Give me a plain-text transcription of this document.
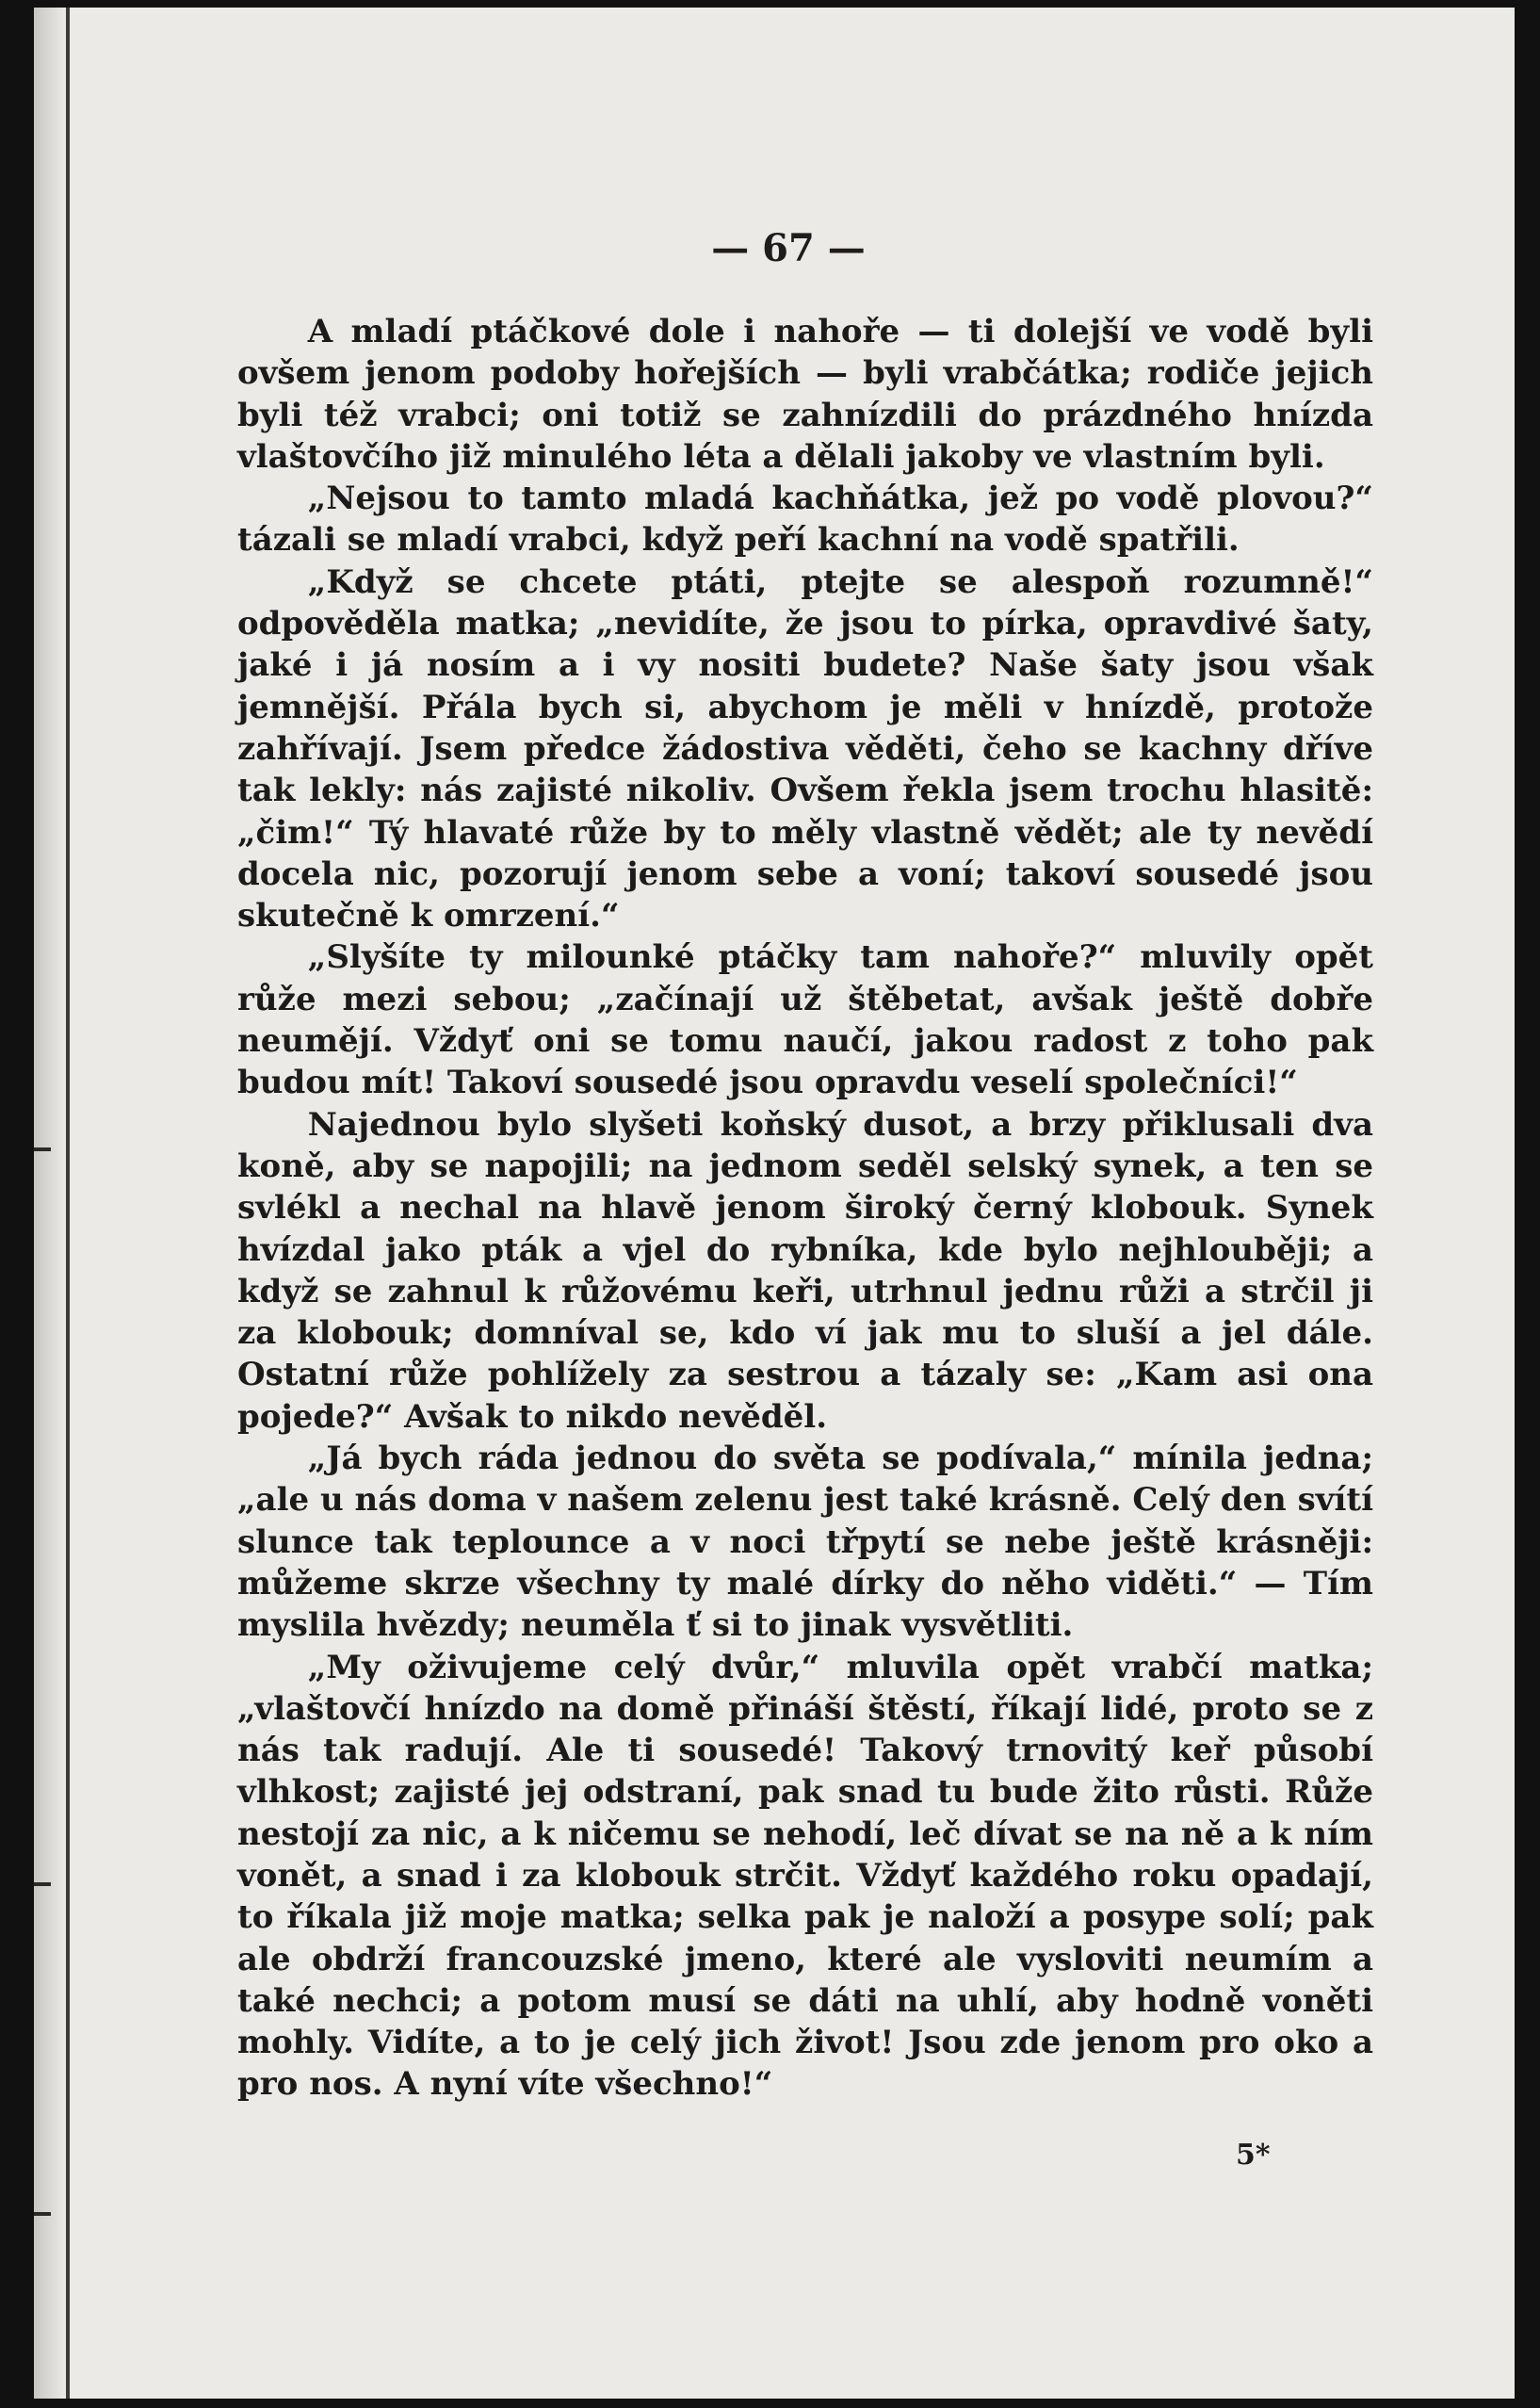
— 67 —

A mladí ptáčkové dole i nahoře — ti dolejší ve vodě byli ovšem jenom podoby hořejších — byli vrabčátka; rodiče jejich byli též vrabci; oni totiž se zahnízdili do prázdného hnízda vlaštovčího již minulého léta a dělali jakoby ve vlastním byli.

„Nejsou to tamto mladá kachňátka, jež po vodě plovou?“ tázali se mladí vrabci, když peří kachní na vodě spatřili.

„Když se chcete ptáti, ptejte se alespoň rozumně!“ odpověděla matka; „nevidíte, že jsou to pírka, opravdivé šaty, jaké i já nosím a i vy nositi budete? Naše šaty jsou však jemnější. Přála bych si, abychom je měli v hnízdě, protože zahřívají. Jsem předce žádostiva věděti, čeho se kachny dříve tak lekly: nás zajisté nikoliv. Ovšem řekla jsem trochu hlasitě: „čim!“ Tý hlavaté růže by to měly vlastně vědět; ale ty nevědí docela nic, pozorují jenom sebe a voní; takoví sousedé jsou skutečně k omrzení.“

„Slyšíte ty milounké ptáčky tam nahoře?“ mluvily opět růže mezi sebou; „začínají už štěbetat, avšak ještě dobře neumějí. Vždyť oni se tomu naučí, jakou radost z toho pak budou mít! Takoví sousedé jsou opravdu veselí společníci!“

Najednou bylo slyšeti koňský dusot, a brzy přiklusali dva koně, aby se napojili; na jednom seděl selský synek, a ten se svlékl a nechal na hlavě jenom široký černý klobouk. Synek hvízdal jako pták a vjel do rybníka, kde bylo nejhlouběji; a když se zahnul k růžovému keři, utrhnul jednu růži a strčil ji za klobouk; domníval se, kdo ví jak mu to sluší a jel dále. Ostatní růže pohlížely za sestrou a tázaly se: „Kam asi ona pojede?“ Avšak to nikdo nevěděl.

„Já bych ráda jednou do světa se podívala,“ mínila jedna; „ale u nás doma v našem zelenu jest také krásně. Celý den svítí slunce tak teplounce a v noci třpytí se nebe ještě krásněji: můžeme skrze všechny ty malé dírky do něho viděti.“ — Tím myslila hvězdy; neuměla ť si to jinak vysvětliti.

„My oživujeme celý dvůr,“ mluvila opět vrabčí matka; „vlaštovčí hnízdo na domě přináší štěstí, říkají lidé, proto se z nás tak radují. Ale ti sousedé! Takový trnovitý keř působí vlhkost; zajisté jej odstraní, pak snad tu bude žito růsti. Růže nestojí za nic, a k ničemu se nehodí, leč dívat se na ně a k ním vonět, a snad i za klobouk strčit. Vždyť každého roku opadají, to říkala již moje matka; selka pak je naloží a posype solí; pak ale obdrží francouzské jmeno, které ale vysloviti neumím a také nechci; a potom musí se dáti na uhlí, aby hodně voněti mohly. Vidíte, a to je celý jich život! Jsou zde jenom pro oko a pro nos. A nyní víte všechno!“

5*
